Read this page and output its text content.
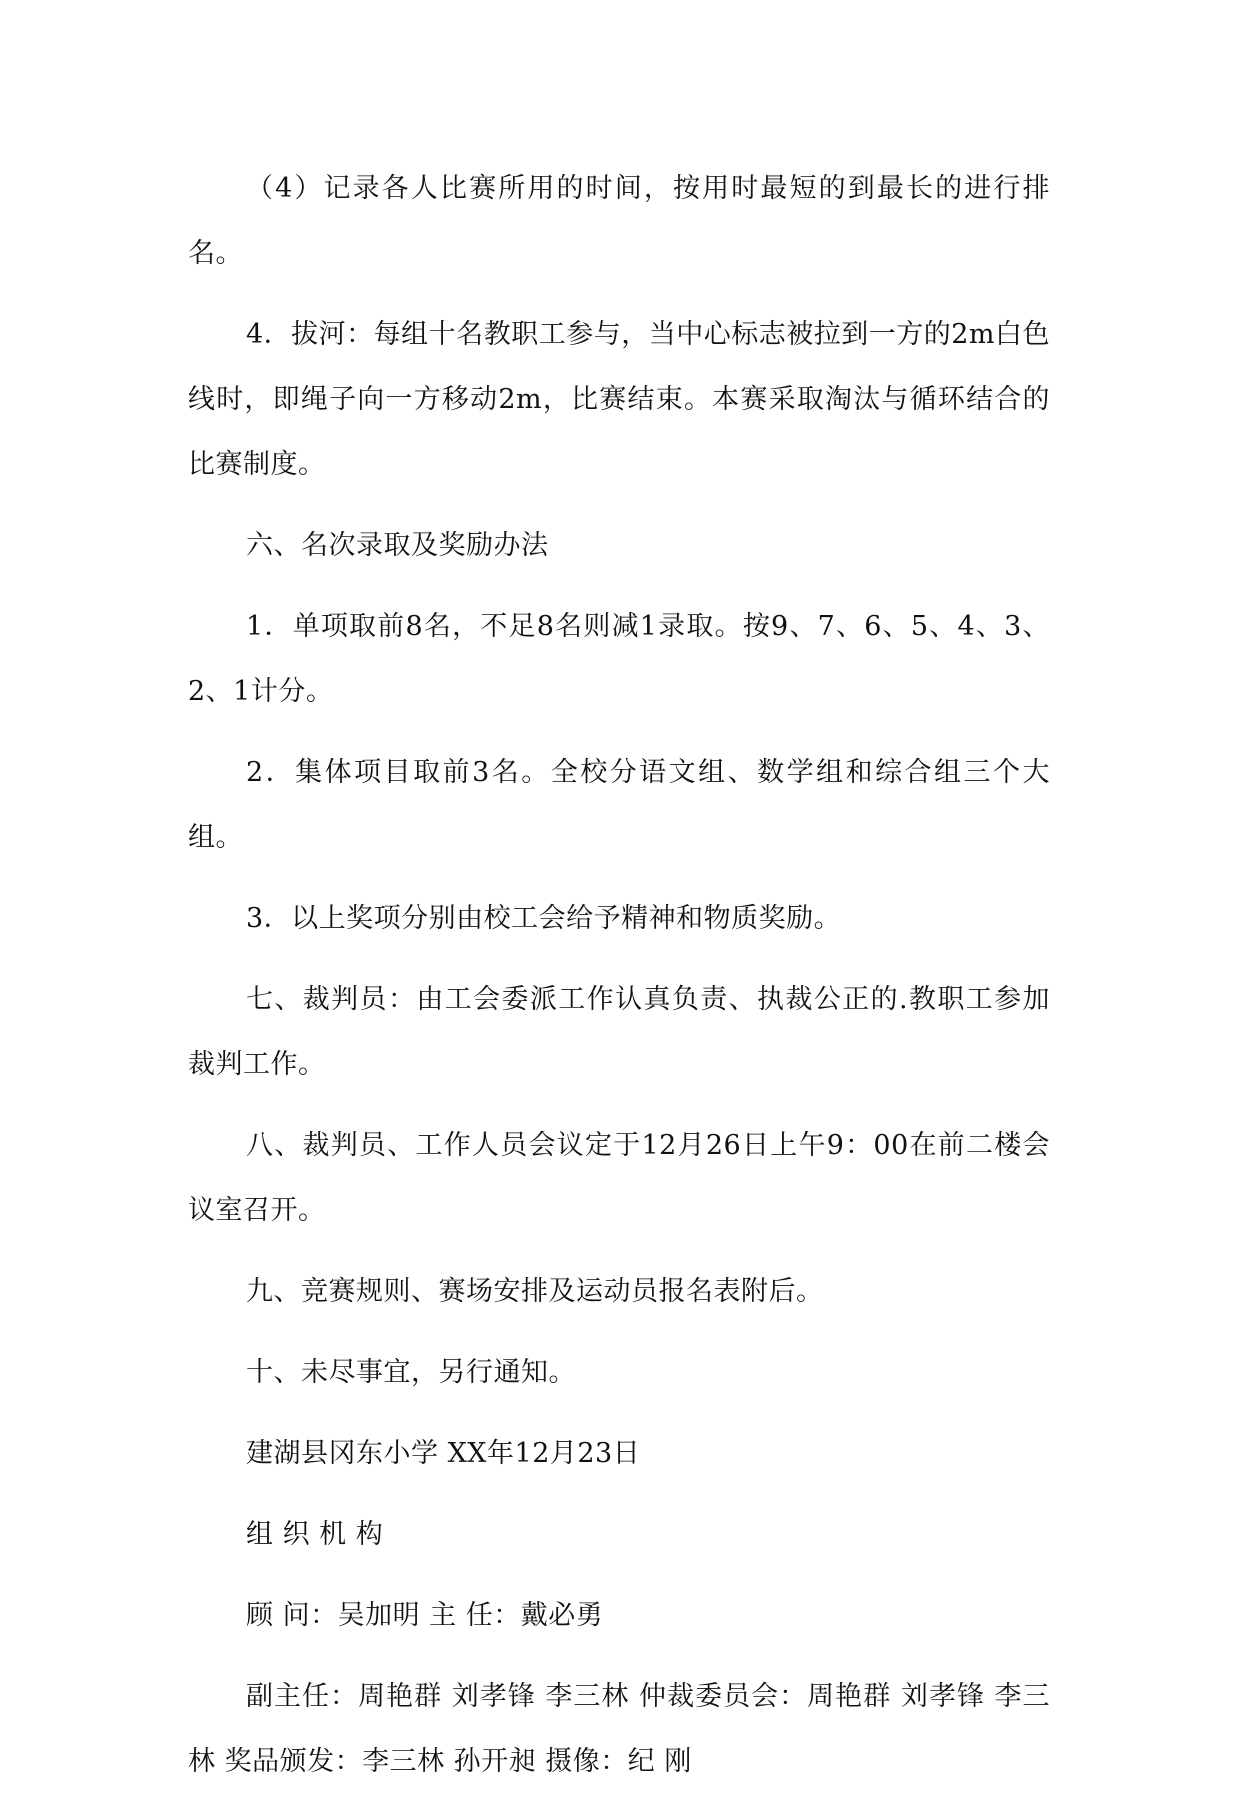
（4）记录各人比赛所用的时间，按用时最短的到最长的进行排名。

4．拔河：每组十名教职工参与，当中心标志被拉到一方的2m白色线时，即绳子向一方移动2m，比赛结束。本赛采取淘汰与循环结合的比赛制度。

六、名次录取及奖励办法

1．单项取前8名，不足8名则减1录取。按9、7、6、5、4、3、2、1计分。

2．集体项目取前3名。全校分语文组、数学组和综合组三个大组。

3．以上奖项分别由校工会给予精神和物质奖励。

七、裁判员：由工会委派工作认真负责、执裁公正的.教职工参加裁判工作。

八、裁判员、工作人员会议定于12月26日上午9：00在前二楼会议室召开。

九、竞赛规则、赛场安排及运动员报名表附后。

十、未尽事宜，另行通知。

建湖县冈东小学 XX年12月23日

组 织 机 构

顾 问：吴加明 主 任：戴必勇

副主任：周艳群 刘孝锋 李三林 仲裁委员会：周艳群 刘孝锋 李三林 奖品颁发：李三林 孙开昶 摄像：纪 刚
